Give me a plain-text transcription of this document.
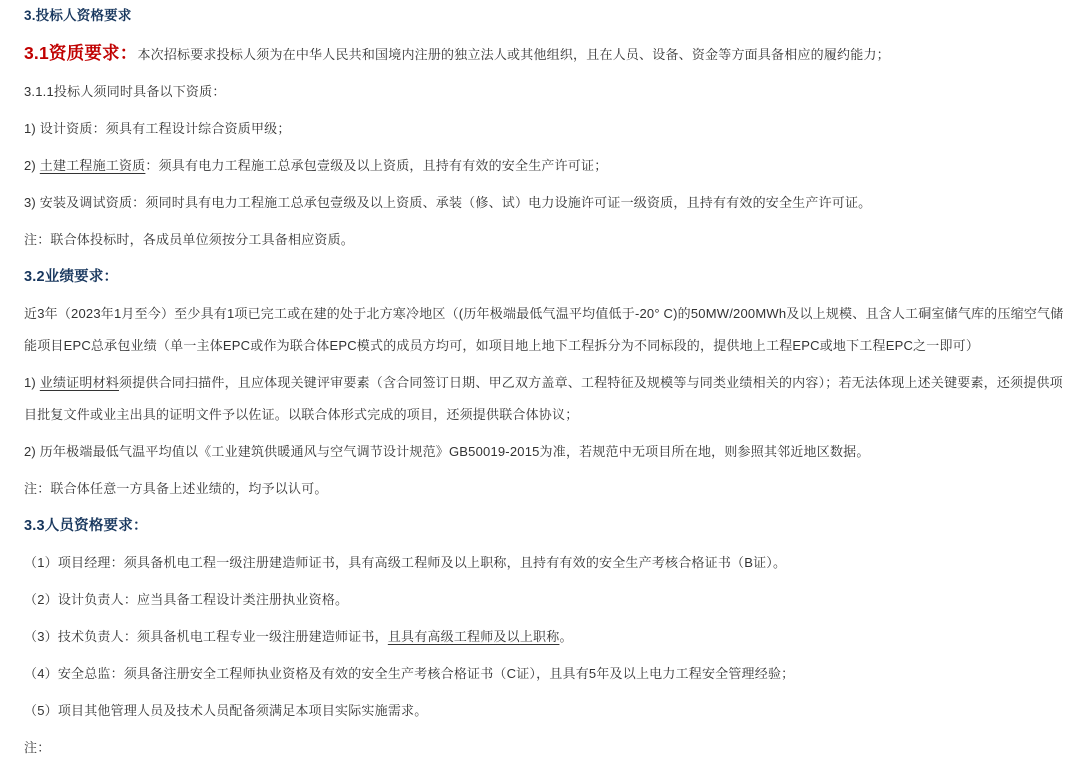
3.投标人资格要求

3.1资质要求：本次招标要求投标人须为在中华人民共和国境内注册的独立法人或其他组织，且在人员、设备、资金等方面具备相应的履约能力；

3.1.1投标人须同时具备以下资质：

1) 设计资质：须具有工程设计综合资质甲级；

2) 土建工程施工资质：须具有电力工程施工总承包壹级及以上资质，且持有有效的安全生产许可证；

3) 安装及调试资质：须同时具有电力工程施工总承包壹级及以上资质、承装（修、试）电力设施许可证一级资质，且持有有效的安全生产许可证。

注：联合体投标时，各成员单位须按分工具备相应资质。

3.2业绩要求：

近3年（2023年1月至今）至少具有1项已完工或在建的处于北方寒冷地区（(历年极端最低气温平均值低于-20° C)的50MW/200MWh及以上规模、且含人工硐室储气库的压缩空气储能项目EPC总承包业绩（单一主体EPC或作为联合体EPC模式的成员方均可，如项目地上地下工程拆分为不同标段的，提供地上工程EPC或地下工程EPC之一即可）

1) 业绩证明材料须提供合同扫描件，且应体现关键评审要素（含合同签订日期、甲乙双方盖章、工程特征及规模等与同类业绩相关的内容）；若无法体现上述关键要素，还须提供项目批复文件或业主出具的证明文件予以佐证。以联合体形式完成的项目，还须提供联合体协议；

2) 历年极端最低气温平均值以《工业建筑供暖通风与空气调节设计规范》GB50019-2015为准，若规范中无项目所在地，则参照其邻近地区数据。

注：联合体任意一方具备上述业绩的，均予以认可。

3.3人员资格要求：

（1）项目经理：须具备机电工程一级注册建造师证书，具有高级工程师及以上职称，且持有有效的安全生产考核合格证书（B证）。

（2）设计负责人：应当具备工程设计类注册执业资格。

（3）技术负责人：须具备机电工程专业一级注册建造师证书，且具有高级工程师及以上职称。

（4）安全总监：须具备注册安全工程师执业资格及有效的安全生产考核合格证书（C证），且具有5年及以上电力工程安全管理经验；

（5）项目其他管理人员及技术人员配备须满足本项目实际实施需求。

注：
